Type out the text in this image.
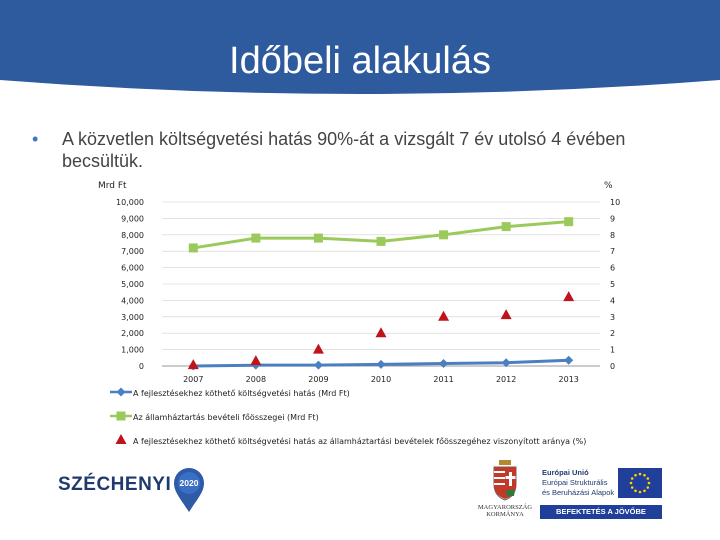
Időbeli alakulás
• A közvetlen költségvetési hatás 90%-át a vizsgált 7 év utolsó 4 évében becsültük.
Mrd Ft	%
10,000
9,000
8,000
7,000
6,000
5,000
4,000
3,000
2,000
1,000
0
10
9
8
7
6
5
4
3
2
1
0
2007	2008	2009	2010	2011	2012	2013
A fejlesztésekhez köthető költségvetési hatás (Mrd Ft)
Az államháztartás bevételi főösszegei (Mrd Ft)
A fejlesztésekhez köthető költségvetési hatás az államháztartási bevételek főösszegéhez viszonyított aránya (%)
SZÉCHENYI 2020
MAGYARORSZÁG
KORMÁNYA
Európai Unió
Európai Strukturális
és Beruházási Alapok
BEFEKTETÉS A JÖVŐBE
